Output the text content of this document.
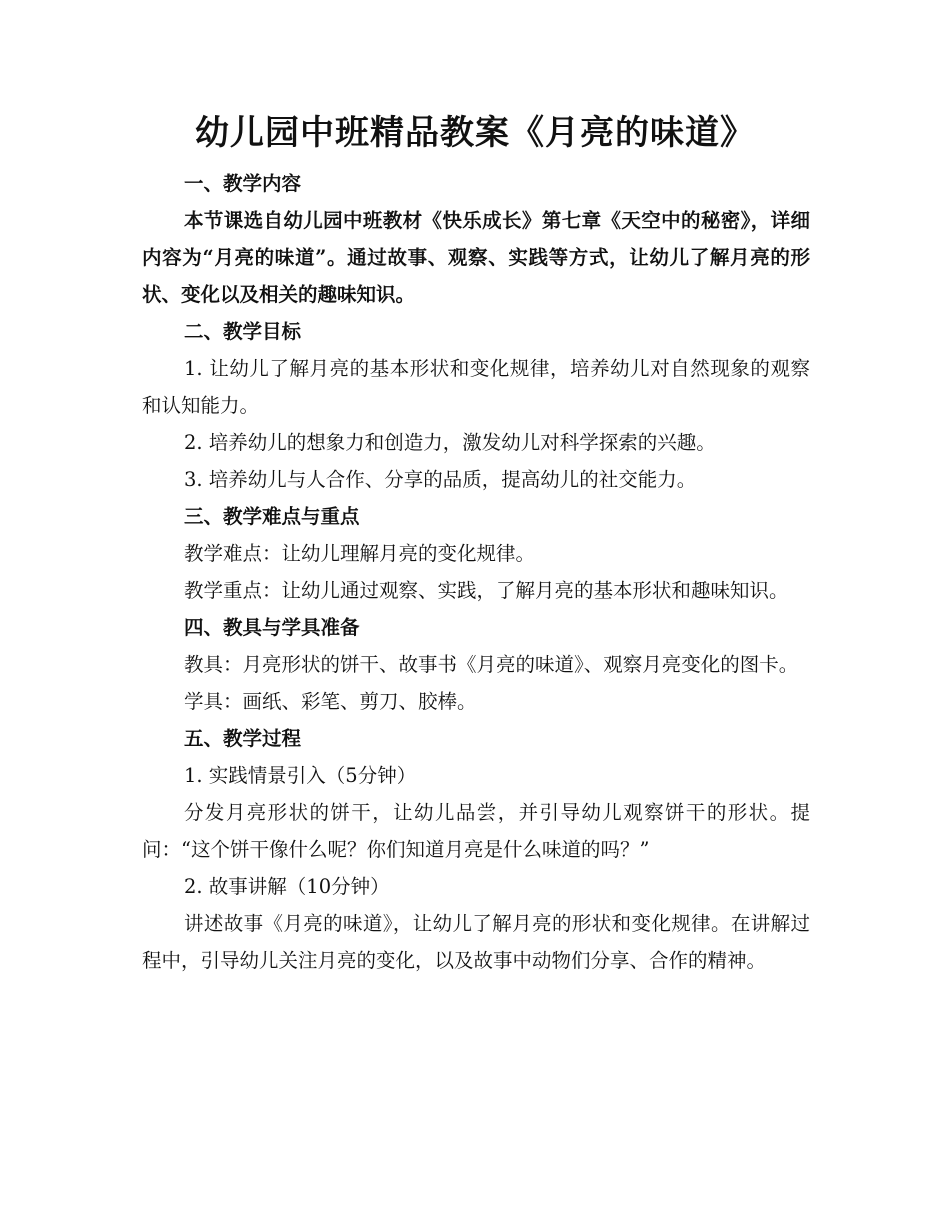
幼儿园中班精品教案《月亮的味道》

一、教学内容

本节课选自幼儿园中班教材《快乐成长》第七章《天空中的秘密》，详细内容为“月亮的味道”。通过故事、观察、实践等方式，让幼儿了解月亮的形状、变化以及相关的趣味知识。

二、教学目标

1. 让幼儿了解月亮的基本形状和变化规律，培养幼儿对自然现象的观察和认知能力。

2. 培养幼儿的想象力和创造力，激发幼儿对科学探索的兴趣。

3. 培养幼儿与人合作、分享的品质，提高幼儿的社交能力。

三、教学难点与重点

教学难点：让幼儿理解月亮的变化规律。

教学重点：让幼儿通过观察、实践，了解月亮的基本形状和趣味知识。

四、教具与学具准备

教具：月亮形状的饼干、故事书《月亮的味道》、观察月亮变化的图卡。

学具：画纸、彩笔、剪刀、胶棒。

五、教学过程

1. 实践情景引入（5分钟）

分发月亮形状的饼干，让幼儿品尝，并引导幼儿观察饼干的形状。提问：“这个饼干像什么呢？你们知道月亮是什么味道的吗？”

2. 故事讲解（10分钟）

讲述故事《月亮的味道》，让幼儿了解月亮的形状和变化规律。在讲解过程中，引导幼儿关注月亮的变化，以及故事中动物们分享、合作的精神。
